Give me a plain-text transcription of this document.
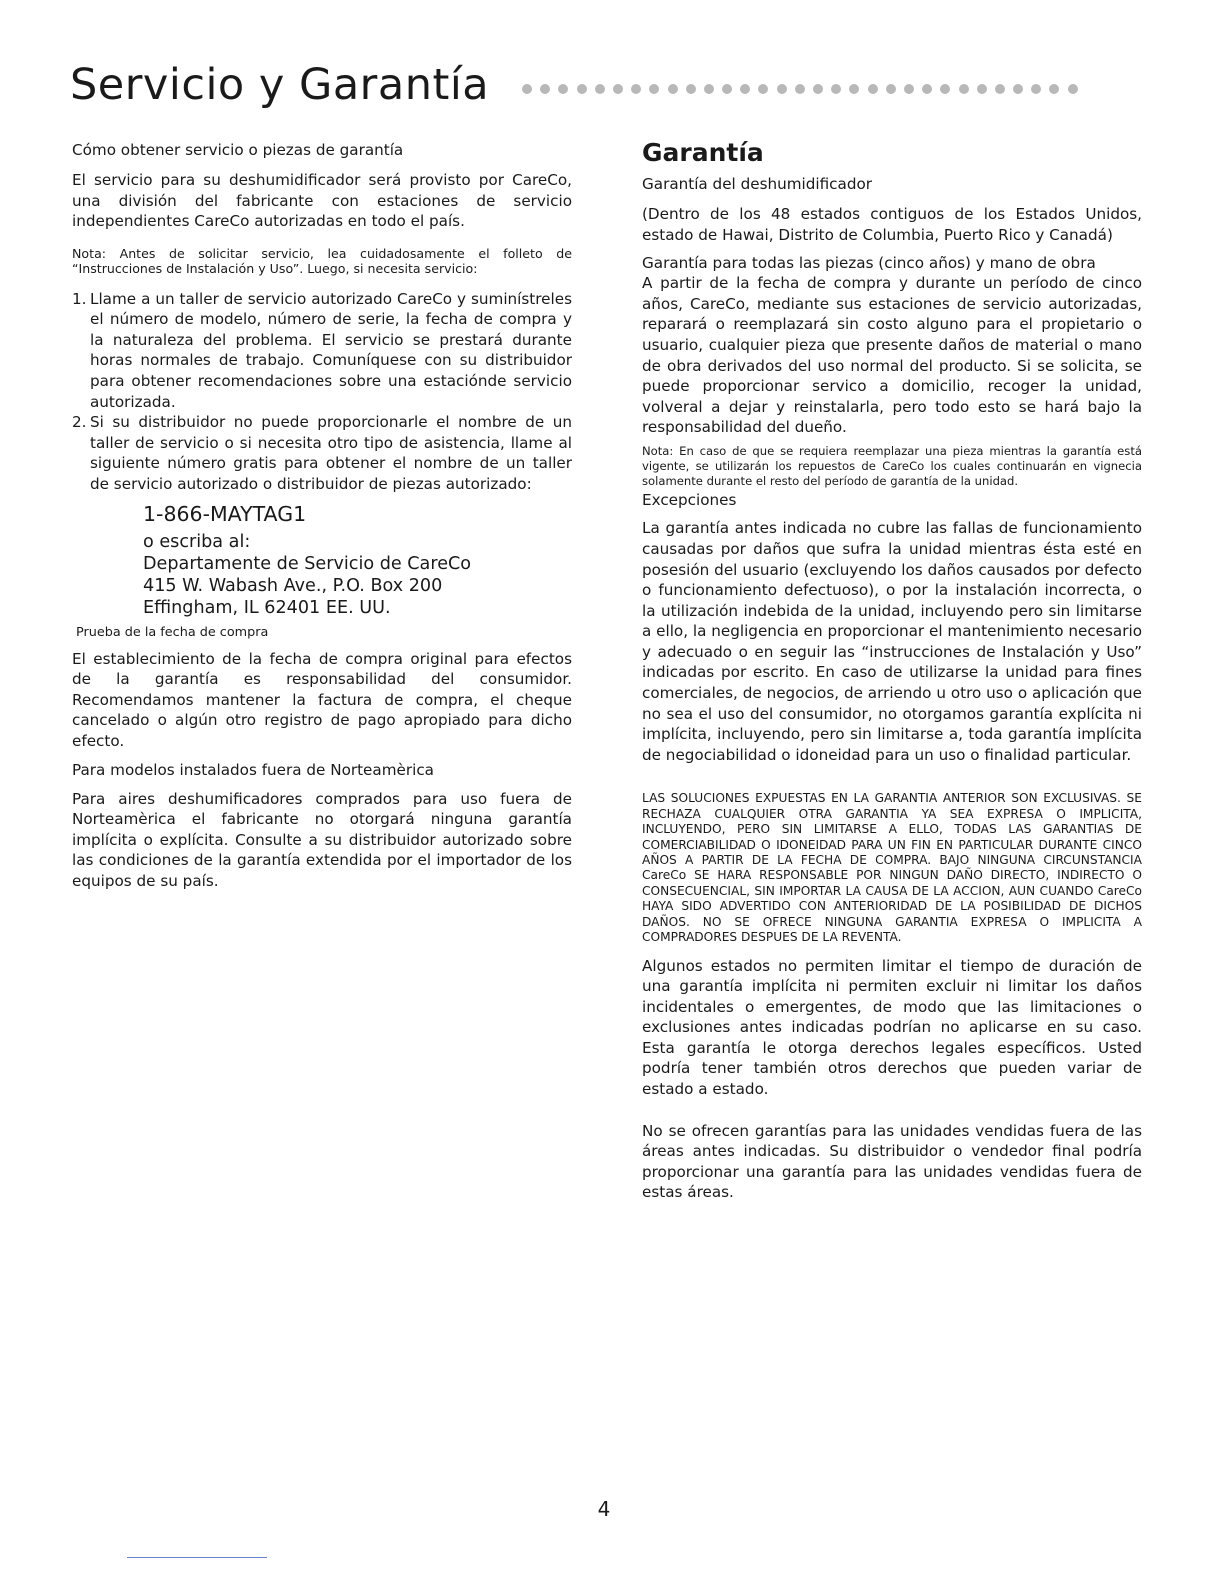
Servicio y Garantía

Cómo obtener servicio o piezas de garantía

El servicio para su deshumidificador será provisto por CareCo, una división del fabricante con estaciones de servicio independientes CareCo autorizadas en todo el país.

Nota: Antes de solicitar servicio, lea cuidadosamente el folleto de “Instrucciones de Instalación y Uso”. Luego, si necesita servicio:

1. Llame a un taller de servicio autorizado CareCo y suminístreles el número de modelo, número de serie, la fecha de compra y la naturaleza del problema. El servicio se prestará durante horas normales de trabajo. Comuníquese con su distribuidor para obtener recomendaciones sobre una estaciónde servicio autorizada.
2. Si su distribuidor no puede proporcionarle el nombre de un taller de servicio o si necesita otro tipo de asistencia, llame al siguiente número gratis para obtener el nombre de un taller de servicio autorizado o distribuidor de piezas autorizado:

1-866-MAYTAG1

o escriba al:

Departamente de Servicio de CareCo

415 W. Wabash Ave., P.O. Box 200

Effingham, IL 62401 EE. UU.

Prueba de la fecha de compra

El establecimiento de la fecha de compra original para efectos de la garantía es responsabilidad del consumidor. Recomendamos mantener la factura de compra, el cheque cancelado o algún otro registro de pago apropiado para dicho efecto.

Para modelos instalados fuera de Norteamèrica

Para aires deshumificadores comprados para uso fuera de Norteamèrica el fabricante no otorgará ninguna garantía implícita o explícita. Consulte a su distribuidor autorizado sobre las condiciones de la garantía extendida por el importador de los equipos de su país.

Garantía

Garantía del deshumidificador

(Dentro de los 48 estados contiguos de los Estados Unidos, estado de Hawai, Distrito de Columbia, Puerto Rico y Canadá)

Garantía para todas las piezas (cinco años) y mano de obra

A partir de la fecha de compra y durante un período de cinco años, CareCo, mediante sus estaciones de servicio autorizadas, reparará o reemplazará sin costo alguno para el propietario o usuario, cualquier pieza que presente daños de material o mano de obra derivados del uso normal del producto. Si se solicita, se puede proporcionar servico a domicilio, recoger la unidad, volveral a dejar y reinstalarla, pero todo esto se hará bajo la responsabilidad del dueño.

Nota: En caso de que se requiera reemplazar una pieza mientras la garantía está vigente, se utilizarán los repuestos de CareCo los cuales continuarán en vignecia solamente durante el resto del período de garantía de la unidad.

Excepciones

La garantía antes indicada no cubre las fallas de funcionamiento causadas por daños que sufra la unidad mientras ésta esté en posesión del usuario (excluyendo los daños causados por defecto o funcionamiento defectuoso), o por la instalación incorrecta, o la utilización indebida de la unidad, incluyendo pero sin limitarse a ello, la negligencia en proporcionar el mantenimiento necesario y adecuado o en seguir las “instrucciones de Instalación y Uso” indicadas por escrito. En caso de utilizarse la unidad para fines comerciales, de negocios, de arriendo u otro uso o aplicación que no sea el uso del consumidor, no otorgamos garantía explícita ni implícita, incluyendo, pero sin limitarse a, toda garantía implícita de negociabilidad o idoneidad para un uso o finalidad particular.

LAS SOLUCIONES EXPUESTAS EN LA GARANTIA ANTERIOR SON EXCLUSIVAS. SE RECHAZA CUALQUIER OTRA GARANTIA YA SEA EXPRESA O IMPLICITA, INCLUYENDO, PERO SIN LIMITARSE A ELLO, TODAS LAS GARANTIAS DE COMERCIABILIDAD O IDONEIDAD PARA UN FIN EN PARTICULAR DURANTE CINCO AÑOS A PARTIR DE LA FECHA DE COMPRA. BAJO NINGUNA CIRCUNSTANCIA CareCo SE HARA RESPONSABLE POR NINGUN DAÑO DIRECTO, INDIRECTO O CONSECUENCIAL, SIN IMPORTAR LA CAUSA DE LA ACCION, AUN CUANDO CareCo HAYA SIDO ADVERTIDO CON ANTERIORIDAD DE LA POSIBILIDAD DE DICHOS DAÑOS. NO SE OFRECE NINGUNA GARANTIA EXPRESA O IMPLICITA A COMPRADORES DESPUES DE LA REVENTA.

Algunos estados no permiten limitar el tiempo de duración de una garantía implícita ni permiten excluir ni limitar los daños incidentales o emergentes, de modo que las limitaciones o exclusiones antes indicadas podrían no aplicarse en su caso. Esta garantía le otorga derechos legales específicos. Usted podría tener también otros derechos que pueden variar de estado a estado.

No se ofrecen garantías para las unidades vendidas fuera de las áreas antes indicadas. Su distribuidor o vendedor final podría proporcionar una garantía para las unidades vendidas fuera de estas áreas.

4
